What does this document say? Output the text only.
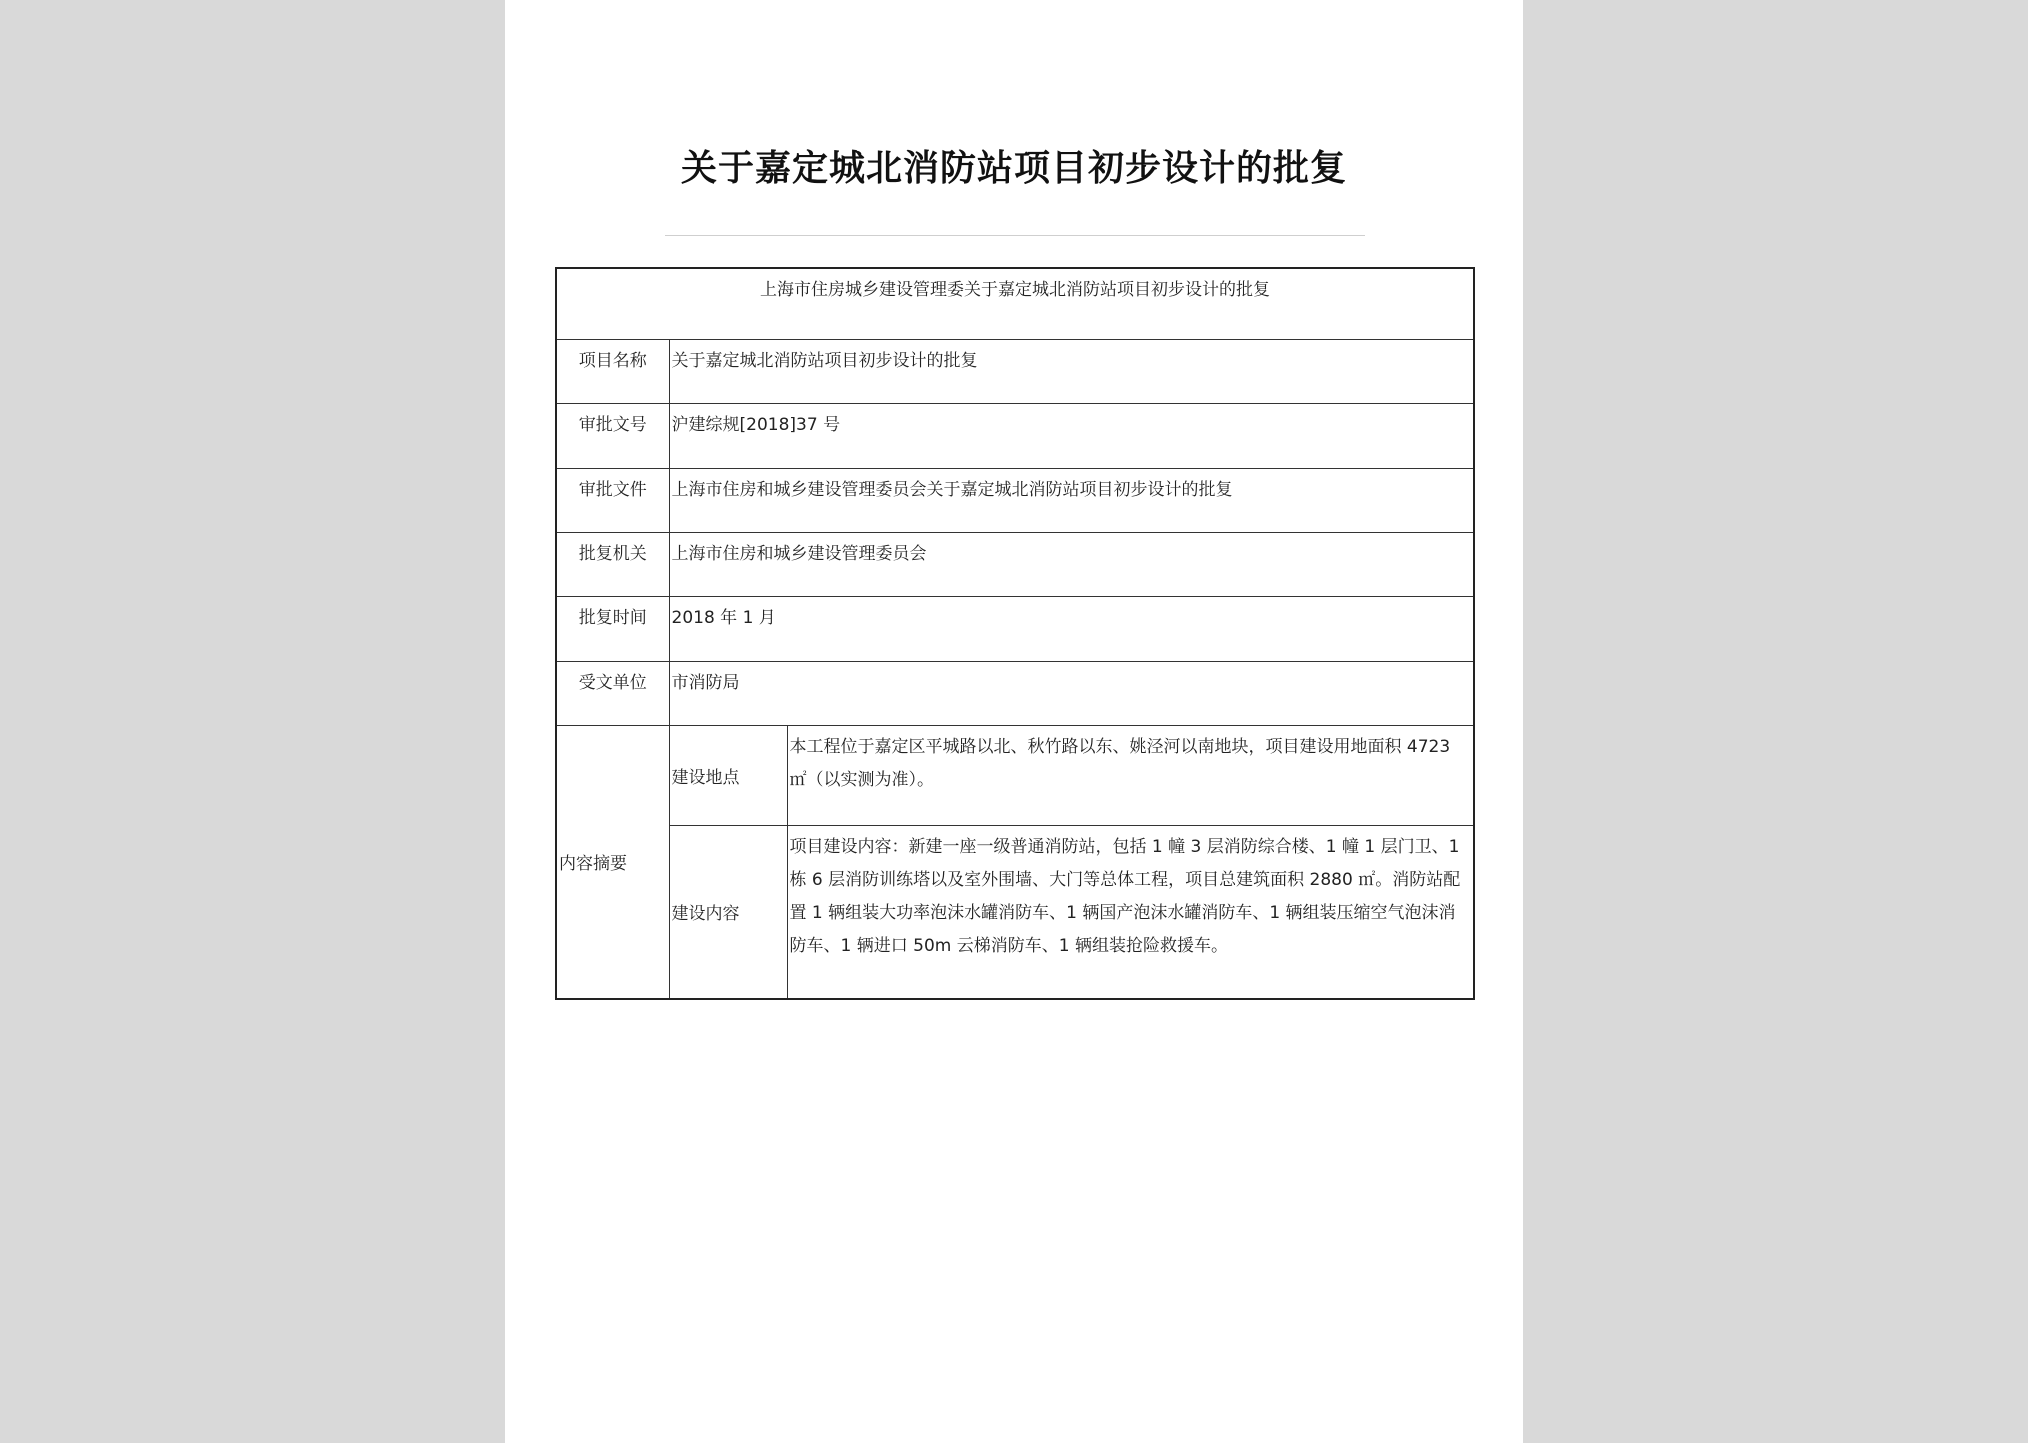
关于嘉定城北消防站项目初步设计的批复
上海市住房城乡建设管理委关于嘉定城北消防站项目初步设计的批复		
项目名称	关于嘉定城北消防站项目初步设计的批复	
审批文号	沪建综规[2018]37 号	
审批文件	上海市住房和城乡建设管理委员会关于嘉定城北消防站项目初步设计的批复	
批复机关	上海市住房和城乡建设管理委员会	
批复时间	2018 年 1 月	
受文单位	市消防局	
内容摘要	建设地点	本工程位于嘉定区平城路以北、秋竹路以东、姚泾河以南地块，项目建设用地面积 4723 ㎡（以实测为准）。
	建设内容	项目建设内容：新建一座一级普通消防站，包括 1 幢 3 层消防综合楼、1 幢 1 层门卫、1 栋 6 层消防训练塔以及室外围墙、大门等总体工程，项目总建筑面积 2880 ㎡。消防站配置 1 辆组装大功率泡沫水罐消防车、1 辆国产泡沫水罐消防车、1 辆组装压缩空气泡沫消防车、1 辆进口 50m 云梯消防车、1 辆组装抢险救援车。
